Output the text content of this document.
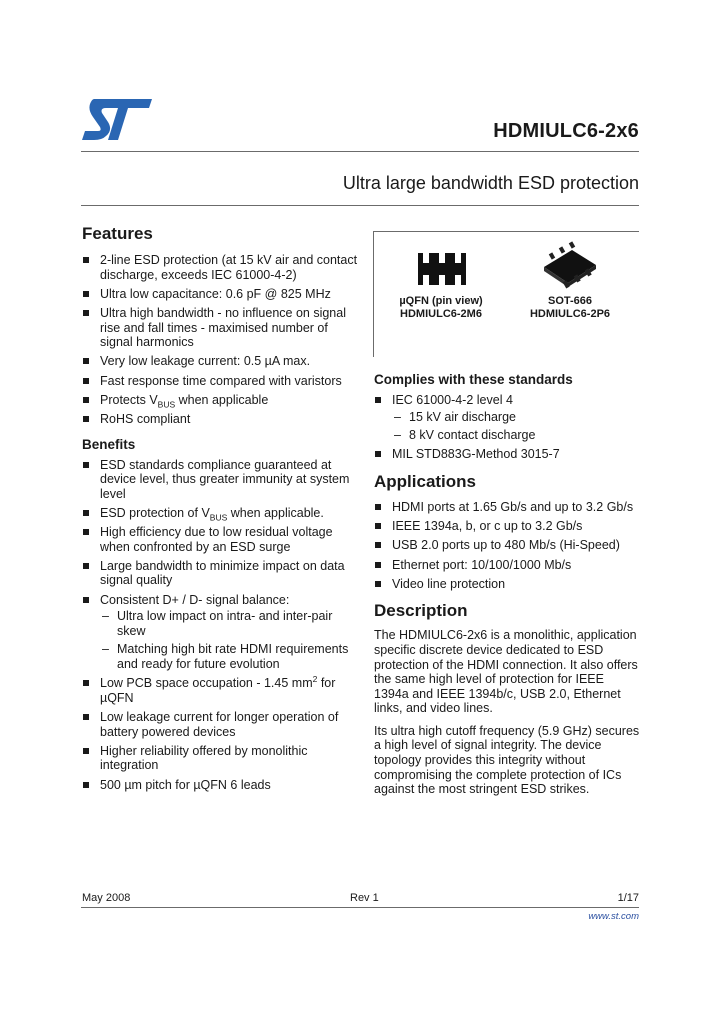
HDMIULC6-2x6
Ultra large bandwidth ESD protection
Features
2-line ESD protection (at 15 kV air and contact discharge, exceeds IEC 61000-4-2)
Ultra low capacitance: 0.6 pF @ 825 MHz
Ultra high bandwidth - no influence on signal rise and fall times - maximised number of signal harmonics
Very low leakage current: 0.5 µA max.
Fast response time compared with varistors
Protects $V_{BUS}$ when applicable
RoHS compliant
Benefits
ESD standards compliance guaranteed at device level, thus greater immunity at system level
ESD protection of $V_{BUS}$ when applicable.
High efficiency due to low residual voltage when confronted by an ESD surge
Large bandwidth to minimize impact on data signal quality
Consistent D+ / D- signal balance:
– Ultra low impact on intra- and inter-pair skew
– Matching high bit rate HDMI requirements and ready for future evolution
Low PCB space occupation - 1.45 $mm^2$ for µQFN
Low leakage current for longer operation of battery powered devices
Higher reliability offered by monolithic integration
500 µm pitch for µQFN 6 leads
µQFN (pin view)
HDMIULC6-2M6
SOT-666
HDMIULC6-2P6
Complies with these standards
IEC 61000-4-2 level 4
– 15 kV air discharge
– 8 kV contact discharge
MIL STD883G-Method 3015-7
Applications
HDMI ports at 1.65 Gb/s and up to 3.2 Gb/s
IEEE 1394a, b, or c up to 3.2 Gb/s
USB 2.0 ports up to 480 Mb/s (Hi-Speed)
Ethernet port: 10/100/1000 Mb/s
Video line protection
Description

The HDMIULC6-2x6 is a monolithic, application specific discrete device dedicated to ESD protection of the HDMI connection. It also offers the same high level of protection for IEEE 1394a and IEEE 1394b/c, USB 2.0, Ethernet links, and video lines.

Its ultra high cutoff frequency (5.9 GHz) secures a high level of signal integrity. The device topology provides this integrity without compromising the complete protection of ICs against the most stringent ESD strikes.

May 2008	Rev 1	1/17
www.st.com
